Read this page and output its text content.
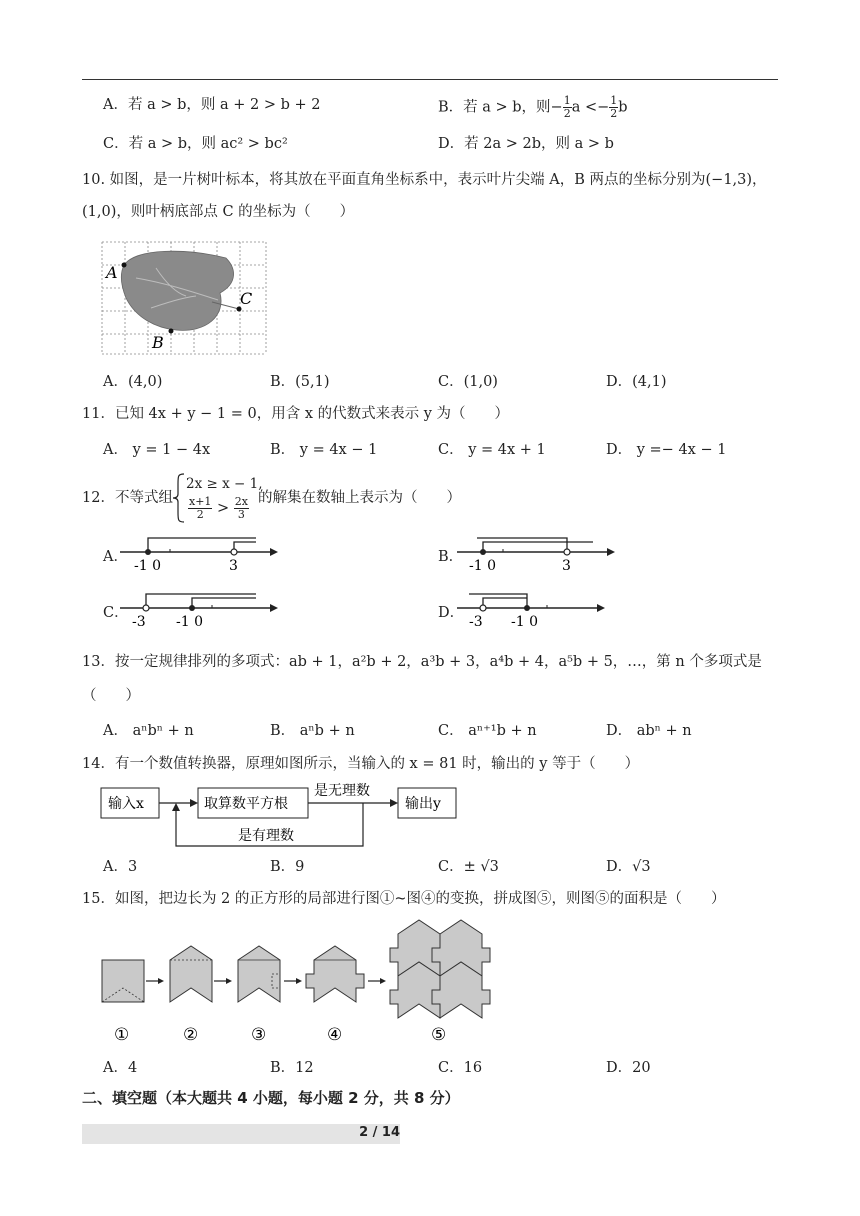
A．若 a > b，则 a + 2 > b + 2	B．若 a > b，则− $\frac{1}{2}$ $a <- \frac{1}{2}$ b
C．若 a > b，则 ac² > bc²	D．若 2a > 2b，则 a > b
10. 如图，是一片树叶标本，将其放在平面直角坐标系中，表示叶片尖端 A，B 两点的坐标分别为(−1,3)，
(1,0)，则叶柄底部点 C 的坐标为（　　）
A
B
C
A．(4,0)	B．(5,1)	C．(1,0)	D．(4,1)
11．已知 4x + y − 1 = 0，用含 x 的代数式来表示 y 为（　　）
A． y = 1 − 4x	B． y = 4x − 1	C． y = 4x + 1	D． y =− 4x − 1
12．不等式组
2x ≥ x − 1,
$\frac{x+1}{2} > \frac{2x}{3}$ 的解集在数轴上表示为（　　）
A．
-1 0	3
B．
-1 0	3
C．
-3 -1 0
D．
-3 -1 0
13．按一定规律排列的多项式：ab + 1，a²b + 2，a³b + 3，a⁴b + 4，a⁵b + 5，…，第 n 个多项式是
（　　）
A． aⁿbⁿ + n	B． aⁿb + n	C． aⁿ⁺¹b + n	D． abⁿ + n
14．有一个数值转换器，原理如图所示，当输入的 x = 81 时，输出的 y 等于（　　）
输入x	取算数平方根	输出y
是无理数
是有理数
A．3	B．9	C．± √3	D．√3
15．如图，把边长为 2 的正方形的局部进行图①~图④的变换，拼成图⑤，则图⑤的面积是（　　）
①	②	③	④	⑤
A．4	B．12	C．16	D．20
二、填空题（本大题共 4 小题，每小题 2 分，共 8 分）
2 / 14
